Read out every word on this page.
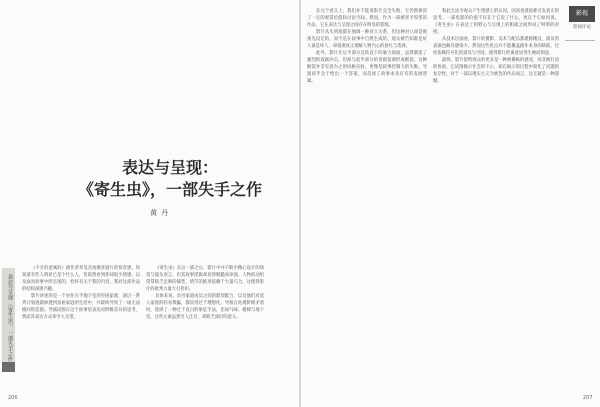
表达与呈现：
《寄生虫》，一部失手之作
黄 丹
表达与呈现 《寄生虫》，一部失手之作

《不甘的意寓的》剧作者奉昊杰拍摄喜剧片的惊奇感，你知道有些人明显已是个什么人，但依然看到你却很少情感，以及面对故事中所呈现的，恰好有关于我的内容。我对这部作品的结构深感兴趣。

影片讲述的是一个居住在半地下室的穷困家庭，通过一系列计划逐渐渗透到富裕家庭的生活中，并最终导致了一场无法挽回的悲剧。导演试图在这个故事里表达对阶级差异的思考，然而其表达方式却令人失望。

《寄生虫》在这一部之后，影片中并不缺少精心设计的场景与镜头语言，但其叙事逻辑却显得粗糙而牵强。人物的动机常常缺乏足够的铺垫，情节的推进依赖于大量巧合，这使得影片的批判力量大打折扣。

具体来说，贫穷家庭成员之间的默契配合，以及他们对富人家庭的轻易欺骗，都显得过于理想化。导演在处理阶级矛盾时，选择了一种过于直白的象征手法，比如气味、楼梯与地下室，这些元素虽然引人注目，却缺乏深层的意义。

206

在这个意义上，我们并不能说影片完全失败，它仍然保留了一定的观赏价值和讨论空间。然而，作为一部被寄予厚望的作品，它在表达与呈现之间存在明显的裂缝。

影片从头到尾都在强调一种对立关系，但这种对立却是被预先设定的，而不是在叙事中自然生成的。观众被告知谁是好人谁是坏人，却很难真正理解人物内心的挣扎与选择。

此外，影片在后半部分急转直下的暴力场面，虽然制造了强烈的戏剧冲击，但却与前半部分的喜剧基调形成断裂。这种断裂并非有意为之的风格实验，更像是叙事控制力的失衡。导演似乎急于给出一个答案，而忽视了故事本身应有的发展逻辑。

和此无法令观众产生情感上的认同，因而也就很难引发真正的思考。一部电影的价值不仅在于它说了什么，更在于它如何说。《寄生虫》在表达上的野心与呈现上的粗疏之间形成了鲜明的对照。

从技术层面看，影片的摄影、美术与配乐都堪称精良，演员的表演也颇具感染力。然而这些优点并不能掩盖剧作本身的缺陷。过度依赖符号化的道具与空间，使得影片的寓意显得生硬而刻意。

最终，影片留给观众的更多是一种被操纵的感受，而非被打动的体验。它试图揭示社会的不公，却在揭示的过程中简化了问题的复杂性。对于一部以现实主义为底色的作品而言，这无疑是一种遗憾。

207
影视
影视评论
